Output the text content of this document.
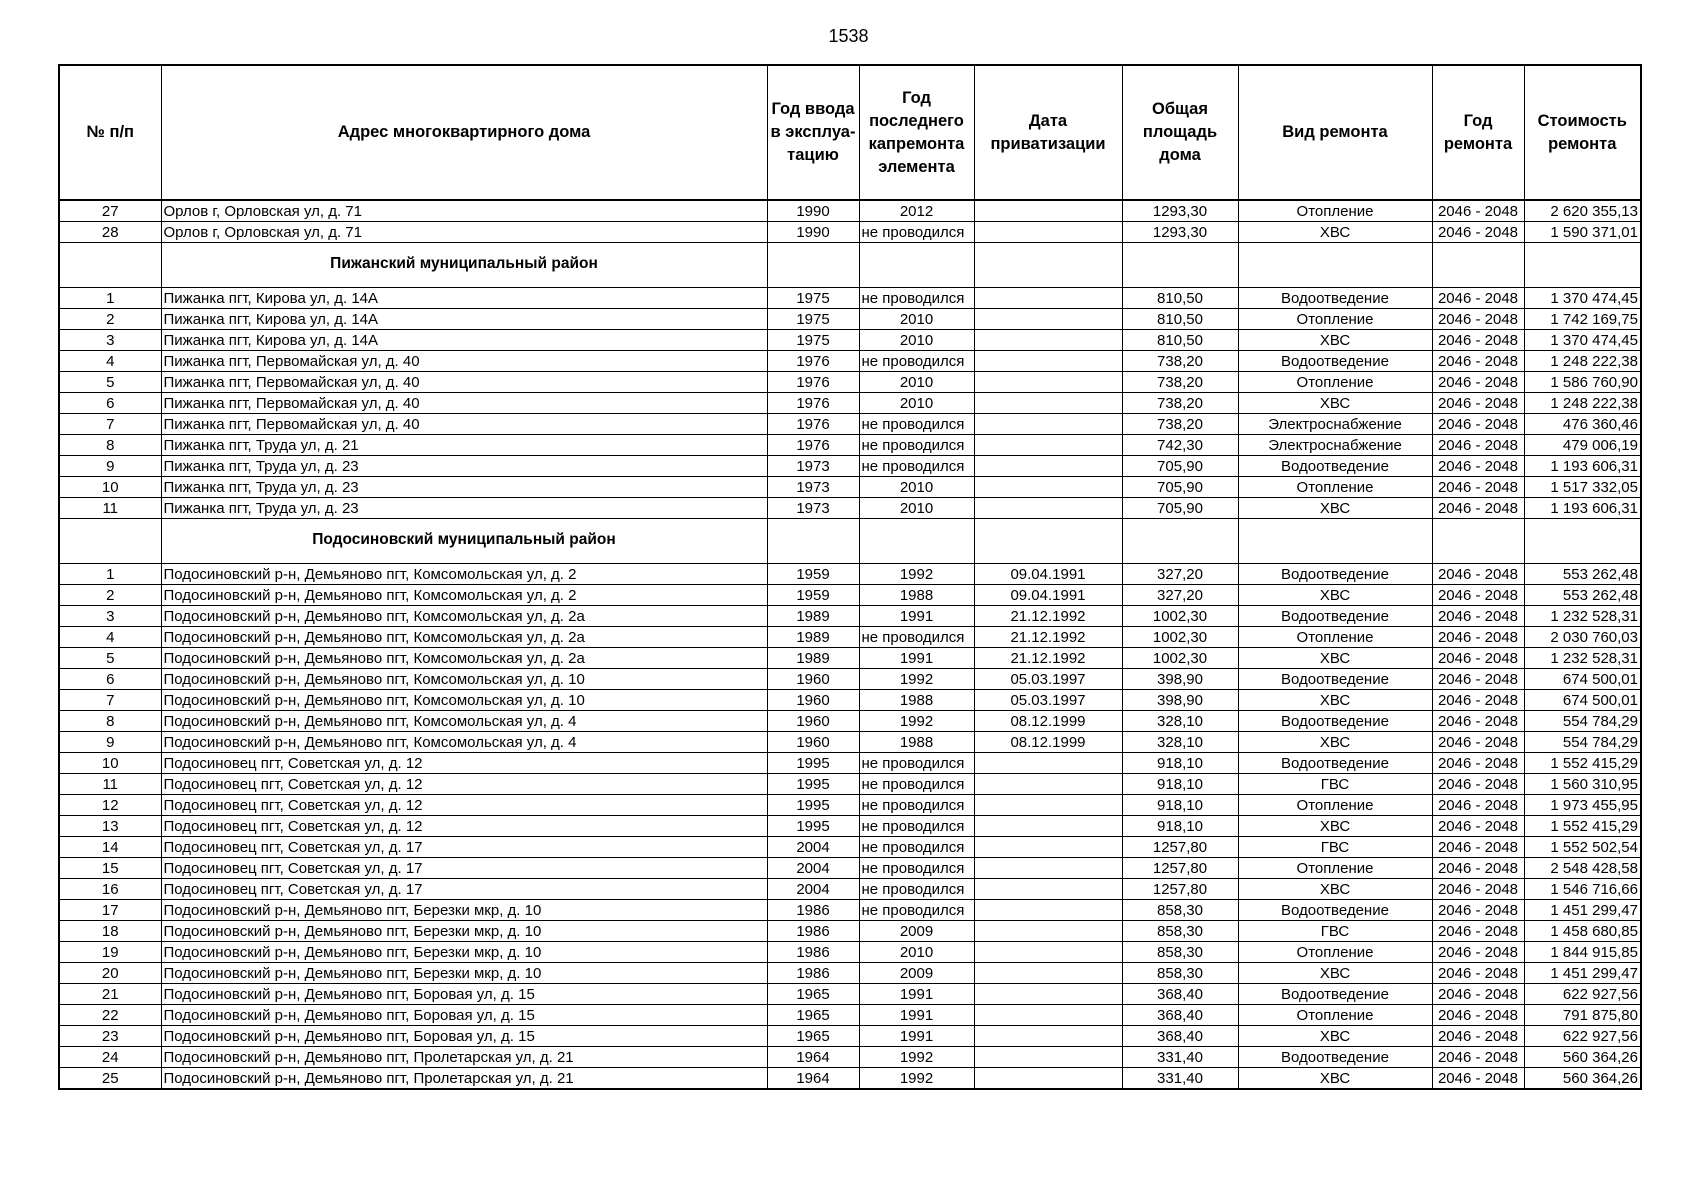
1538
№ п/п	Адрес многоквартирного дома	Год ввода в эксплуа-тацию	Год последнего капремонта элемента	Дата приватизации	Общая площадь дома	Вид ремонта	Год ремонта	Стоимость ремонта
27	Орлов г, Орловская ул, д. 71	1990	2012		1293,30	Отопление	2046 - 2048	2 620 355,13
28	Орлов г, Орловская ул, д. 71	1990	не проводился		1293,30	ХВС	2046 - 2048	1 590 371,01
	Пижанский муниципальный район							
1	Пижанка пгт, Кирова ул, д. 14А	1975	не проводился		810,50	Водоотведение	2046 - 2048	1 370 474,45
2	Пижанка пгт, Кирова ул, д. 14А	1975	2010		810,50	Отопление	2046 - 2048	1 742 169,75
3	Пижанка пгт, Кирова ул, д. 14А	1975	2010		810,50	ХВС	2046 - 2048	1 370 474,45
4	Пижанка пгт, Первомайская ул, д. 40	1976	не проводился		738,20	Водоотведение	2046 - 2048	1 248 222,38
5	Пижанка пгт, Первомайская ул, д. 40	1976	2010		738,20	Отопление	2046 - 2048	1 586 760,90
6	Пижанка пгт, Первомайская ул, д. 40	1976	2010		738,20	ХВС	2046 - 2048	1 248 222,38
7	Пижанка пгт, Первомайская ул, д. 40	1976	не проводился		738,20	Электроснабжение	2046 - 2048	476 360,46
8	Пижанка пгт, Труда ул, д. 21	1976	не проводился		742,30	Электроснабжение	2046 - 2048	479 006,19
9	Пижанка пгт, Труда ул, д. 23	1973	не проводился		705,90	Водоотведение	2046 - 2048	1 193 606,31
10	Пижанка пгт, Труда ул, д. 23	1973	2010		705,90	Отопление	2046 - 2048	1 517 332,05
11	Пижанка пгт, Труда ул, д. 23	1973	2010		705,90	ХВС	2046 - 2048	1 193 606,31
	Подосиновский муниципальный район							
1	Подосиновский р-н, Демьяново пгт, Комсомольская ул, д. 2	1959	1992	09.04.1991	327,20	Водоотведение	2046 - 2048	553 262,48
2	Подосиновский р-н, Демьяново пгт, Комсомольская ул, д. 2	1959	1988	09.04.1991	327,20	ХВС	2046 - 2048	553 262,48
3	Подосиновский р-н, Демьяново пгт, Комсомольская ул, д. 2а	1989	1991	21.12.1992	1002,30	Водоотведение	2046 - 2048	1 232 528,31
4	Подосиновский р-н, Демьяново пгт, Комсомольская ул, д. 2а	1989	не проводился	21.12.1992	1002,30	Отопление	2046 - 2048	2 030 760,03
5	Подосиновский р-н, Демьяново пгт, Комсомольская ул, д. 2а	1989	1991	21.12.1992	1002,30	ХВС	2046 - 2048	1 232 528,31
6	Подосиновский р-н, Демьяново пгт, Комсомольская ул, д. 10	1960	1992	05.03.1997	398,90	Водоотведение	2046 - 2048	674 500,01
7	Подосиновский р-н, Демьяново пгт, Комсомольская ул, д. 10	1960	1988	05.03.1997	398,90	ХВС	2046 - 2048	674 500,01
8	Подосиновский р-н, Демьяново пгт, Комсомольская ул, д. 4	1960	1992	08.12.1999	328,10	Водоотведение	2046 - 2048	554 784,29
9	Подосиновский р-н, Демьяново пгт, Комсомольская ул, д. 4	1960	1988	08.12.1999	328,10	ХВС	2046 - 2048	554 784,29
10	Подосиновец пгт, Советская ул, д. 12	1995	не проводился		918,10	Водоотведение	2046 - 2048	1 552 415,29
11	Подосиновец пгт, Советская ул, д. 12	1995	не проводился		918,10	ГВС	2046 - 2048	1 560 310,95
12	Подосиновец пгт, Советская ул, д. 12	1995	не проводился		918,10	Отопление	2046 - 2048	1 973 455,95
13	Подосиновец пгт, Советская ул, д. 12	1995	не проводился		918,10	ХВС	2046 - 2048	1 552 415,29
14	Подосиновец пгт, Советская ул, д. 17	2004	не проводился		1257,80	ГВС	2046 - 2048	1 552 502,54
15	Подосиновец пгт, Советская ул, д. 17	2004	не проводился		1257,80	Отопление	2046 - 2048	2 548 428,58
16	Подосиновец пгт, Советская ул, д. 17	2004	не проводился		1257,80	ХВС	2046 - 2048	1 546 716,66
17	Подосиновский р-н, Демьяново пгт, Березки мкр, д. 10	1986	не проводился		858,30	Водоотведение	2046 - 2048	1 451 299,47
18	Подосиновский р-н, Демьяново пгт, Березки мкр, д. 10	1986	2009		858,30	ГВС	2046 - 2048	1 458 680,85
19	Подосиновский р-н, Демьяново пгт, Березки мкр, д. 10	1986	2010		858,30	Отопление	2046 - 2048	1 844 915,85
20	Подосиновский р-н, Демьяново пгт, Березки мкр, д. 10	1986	2009		858,30	ХВС	2046 - 2048	1 451 299,47
21	Подосиновский р-н, Демьяново пгт, Боровая ул, д. 15	1965	1991		368,40	Водоотведение	2046 - 2048	622 927,56
22	Подосиновский р-н, Демьяново пгт, Боровая ул, д. 15	1965	1991		368,40	Отопление	2046 - 2048	791 875,80
23	Подосиновский р-н, Демьяново пгт, Боровая ул, д. 15	1965	1991		368,40	ХВС	2046 - 2048	622 927,56
24	Подосиновский р-н, Демьяново пгт, Пролетарская ул, д. 21	1964	1992		331,40	Водоотведение	2046 - 2048	560 364,26
25	Подосиновский р-н, Демьяново пгт, Пролетарская ул, д. 21	1964	1992		331,40	ХВС	2046 - 2048	560 364,26
